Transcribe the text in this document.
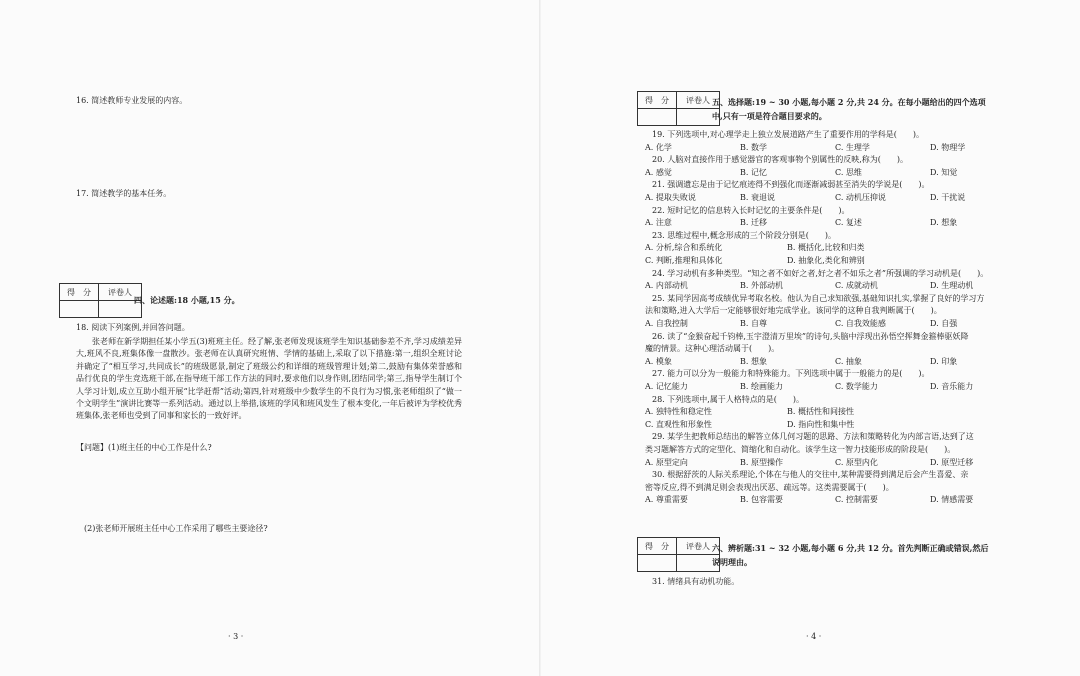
16. 简述教师专业发展的内容。
17. 简述教学的基本任务。
得　分	评卷人

四、论述题:18 小题,15 分。
18. 阅读下列案例,并回答问题。
张老师在新学期担任某小学五(3)班班主任。经了解,张老师发现该班学生知识基础参差不齐,学习成绩差异大,班风不良,班集体像一盘散沙。张老师在认真研究班情、学情的基础上,采取了以下措施:第一,组织全班讨论并确定了“相互学习,共同成长”的班级愿景,制定了班级公约和详细的班级管理计划;第二,鼓励有集体荣誉感和品行优良的学生竞选班干部,在指导班干部工作方法的同时,要求他们以身作则,团结同学;第三,指导学生制订个人学习计划,成立互助小组开展“比学赶帮”活动;第四,针对班级中少数学生的不良行为习惯,张老师组织了“做一个文明学生”演讲比赛等一系列活动。通过以上举措,该班的学风和班风发生了根本变化,一年后被评为学校优秀班集体,张老师也受到了同事和家长的一致好评。
【问题】(1)班主任的中心工作是什么?
(2)张老师开展班主任中心工作采用了哪些主要途径?
· 3 ·
得　分	评卷人
	五、选择题:19 ~ 30 小题,每小题 2 分,共 24 分。在每小题给出的四个选项
中,只有一项是符合题目要求的。
得　分	评卷人
	六、辨析题:31 ~ 32 小题,每小题 6 分,共 12 分。首先判断正确或错误,然后
说明理由。
31. 情绪具有动机功能。
· 4 ·
19. 下列选项中,对心理学走上独立发展道路产生了重要作用的学科是(　　)。
A. 化学	B. 数学	C. 生理学	D. 物理学
20. 人脑对直接作用于感觉器官的客观事物个别属性的反映,称为(　　)。
A. 感觉	B. 记忆	C. 思维	D. 知觉
21. 强调遗忘是由于记忆痕迹得不到强化而逐渐减弱甚至消失的学说是(　　)。
A. 提取失败说	B. 衰退说	C. 动机压抑说	D. 干扰说
22. 短时记忆的信息转入长时记忆的主要条件是(　　)。
A. 注意	B. 迁移	C. 复述	D. 想象
23. 思维过程中,概念形成的三个阶段分别是(　　)。
A. 分析,综合和系统化	B. 概括化,比较和归类
C. 判断,推理和具体化	D. 抽象化,类化和辨别
24. 学习动机有多种类型。“知之者不如好之者,好之者不如乐之者”所强调的学习动机是(　　)。
A. 内部动机	B. 外部动机	C. 成就动机	D. 生理动机
25. 某同学因高考成绩优异考取名校。他认为自己求知欲强,基础知识扎实,掌握了良好的学习方
法和策略,进入大学后一定能够很好地完成学业。该同学的这种自我判断属于(　　)。
A. 自我控制	B. 自尊	C. 自我效能感	D. 自强
26. 读了“金猴奋起千钧棒,玉宇澄清万里埃”的诗句,头脑中浮现出孙悟空挥舞金箍棒驱妖降
魔的情景。这种心理活动属于(　　)。
A. 模象	B. 想象	C. 抽象	D. 印象
27. 能力可以分为一般能力和特殊能力。下列选项中属于一般能力的是(　　)。
A. 记忆能力	B. 绘画能力	C. 数学能力	D. 音乐能力
28. 下列选项中,属于人格特点的是(　　)。
A. 独特性和稳定性	B. 概括性和间接性
C. 直观性和形象性	D. 指向性和集中性
29. 某学生把教师总结出的解答立体几何习题的思路、方法和策略转化为内部言语,达到了这
类习题解答方式的定型化、简缩化和自动化。该学生这一智力技能形成的阶段是(　　)。
A. 原型定向	B. 原型操作	C. 原型内化	D. 原型迁移
30. 根据舒茨的人际关系理论,个体在与他人的交往中,某种需要得到满足后会产生喜爱、亲
密等反应,得不到满足则会表现出厌恶、疏远等。这类需要属于(　　)。
A. 尊重需要	B. 包容需要	C. 控制需要	D. 情感需要
